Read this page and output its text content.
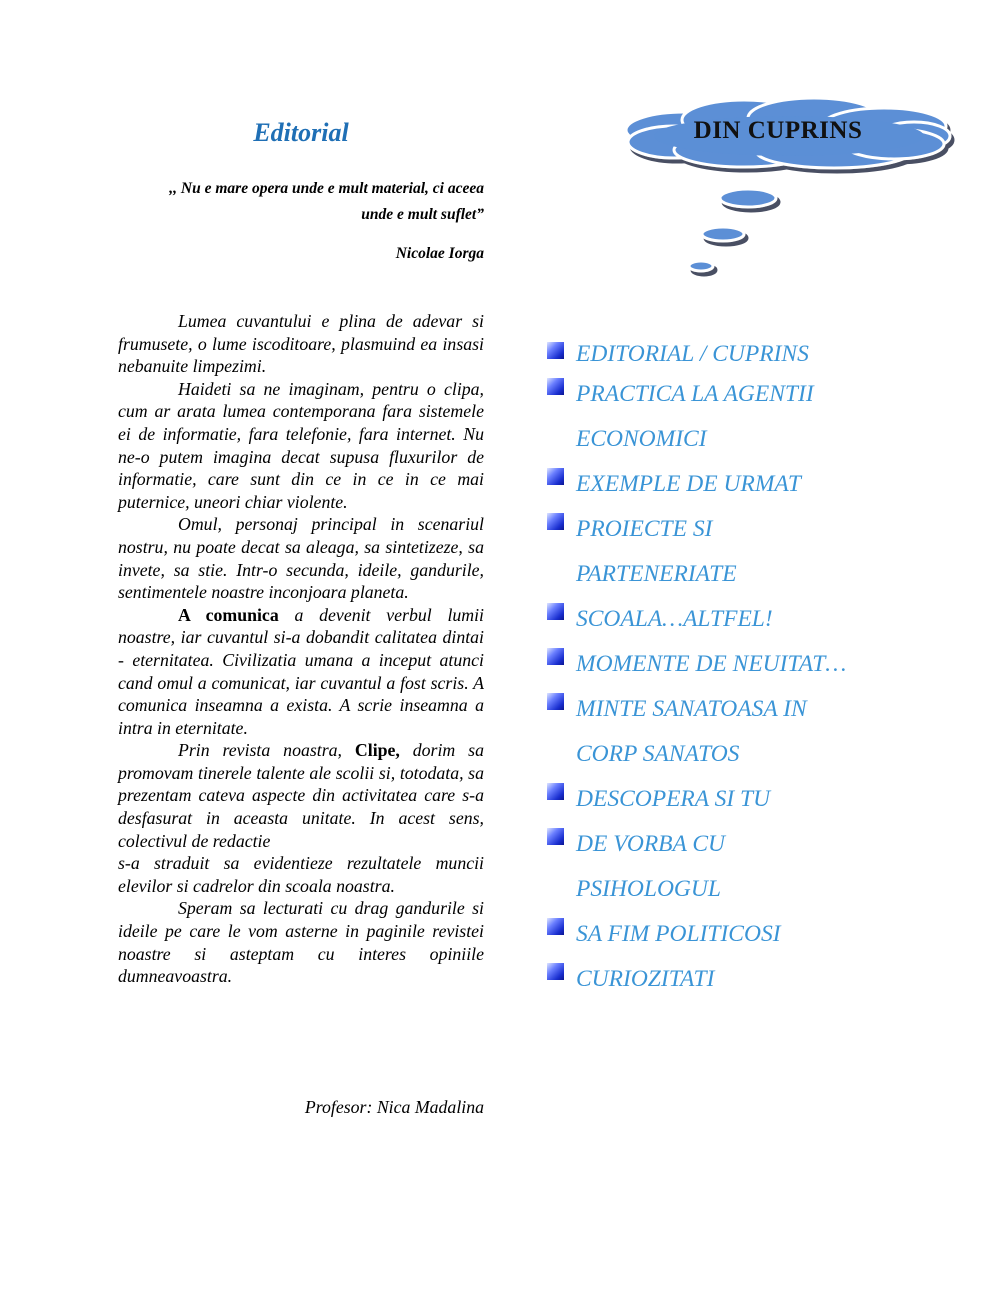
Editorial
,, Nu e mare opera unde e mult material, ci aceea
unde e mult suflet”
Nicolae Iorga

Lumea cuvantului e plina de adevar si frumusete, o lume iscoditoare, plasmuind ea insasi nebanuite limpezimi.

Haideti sa ne imaginam, pentru o clipa, cum ar arata lumea contemporana fara sistemele ei de informatie, fara telefonie, fara internet. Nu ne-o putem imagina decat supusa fluxurilor de informatie, care sunt din ce in ce in ce mai puternice, uneori chiar violente.

Omul, personaj principal in scenariul nostru, nu poate decat sa aleaga, sa sintetizeze, sa invete, sa stie. Intr-o secunda, ideile, gandurile, sentimentele noastre inconjoara planeta.

A comunica a devenit verbul lumii noastre, iar cuvantul si-a dobandit calitatea dintai - eternitatea. Civilizatia umana a inceput atunci cand omul a comunicat, iar cuvantul a fost scris. A comunica inseamna a exista. A scrie inseamna a intra in eternitate.

Prin revista noastra, Clipe, dorim sa promovam tinerele talente ale scolii si, totodata, sa prezentam cateva aspecte din activitatea care s-a desfasurat in aceasta unitate. In acest sens, colectivul de redactie

s-a straduit sa evidentieze rezultatele muncii elevilor si cadrelor din scoala noastra.

Speram sa lecturati cu drag gandurile si ideile pe care le vom asterne in paginile revistei noastre si asteptam cu interes opiniile dumneavoastra.

Profesor: Nica Madalina
DIN CUPRINS
EDITORIAL / CUPRINS
PRACTICA LA AGENTII
ECONOMICI
EXEMPLE DE URMAT
PROIECTE SI
PARTENERIATE
SCOALA…ALTFEL!
MOMENTE DE NEUITAT…
MINTE SANATOASA IN
CORP SANATOS
DESCOPERA SI TU
DE VORBA CU
PSIHOLOGUL
SA FIM POLITICOSI
CURIOZITATI
